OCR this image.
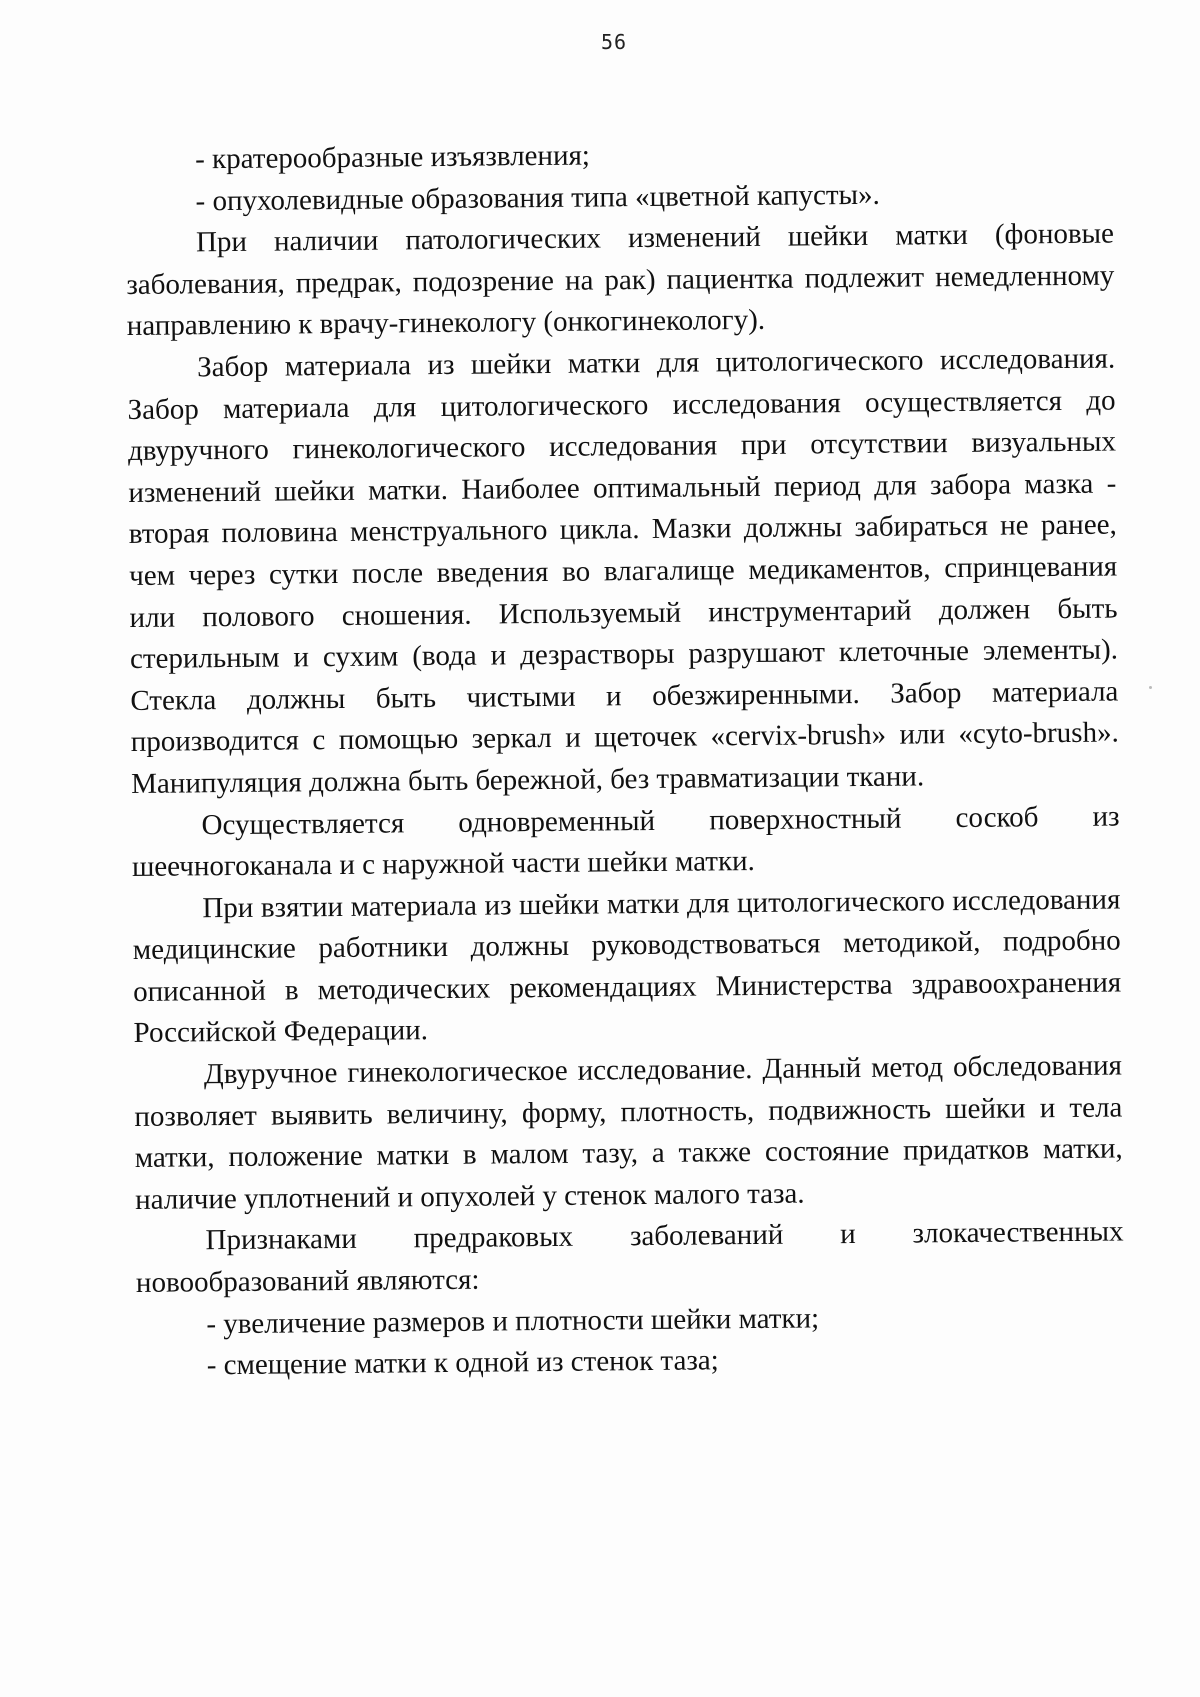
56

- кратерообразные изъязвления;

- опухолевидные образования типа «цветной капусты».

При наличии патологических изменений шейки матки (фоновые заболевания, предрак, подозрение на рак) пациентка подлежит немедленному направлению к врачу-гинекологу (онкогинекологу).

Забор материала из шейки матки для цитологического исследования. Забор материала для цитологического исследования осуществляется до двуручного гинекологического исследования при отсутствии визуальных изменений шейки матки. Наиболее оптимальный период для забора мазка - вторая половина менструального цикла. Мазки должны забираться не ранее, чем через сутки после введения во влагалище медикаментов, спринцевания или полового сношения. Используемый инструментарий должен быть стерильным и сухим (вода и дезрастворы разрушают клеточные элементы). Стекла должны быть чистыми и обезжиренными. Забор материала производится с помощью зеркал и щеточек «cervix-brush» или «cyto-brush». Манипуляция должна быть бережной, без травматизации ткани.

Осуществляется одновременный поверхностный соскоб из шеечногоканала и с наружной части шейки матки.

При взятии материала из шейки матки для цитологического исследования медицинские работники должны руководствоваться методикой, подробно описанной в методических рекомендациях Министерства здравоохранения Российской Федерации.

Двуручное гинекологическое исследование. Данный метод обследования позволяет выявить величину, форму, плотность, подвижность шейки и тела матки, положение матки в малом тазу, а также состояние придатков матки, наличие уплотнений и опухолей у стенок малого таза.

Признаками предраковых заболеваний и злокачественных новообразований являются:

- увеличение размеров и плотности шейки матки;

- смещение матки к одной из стенок таза;
